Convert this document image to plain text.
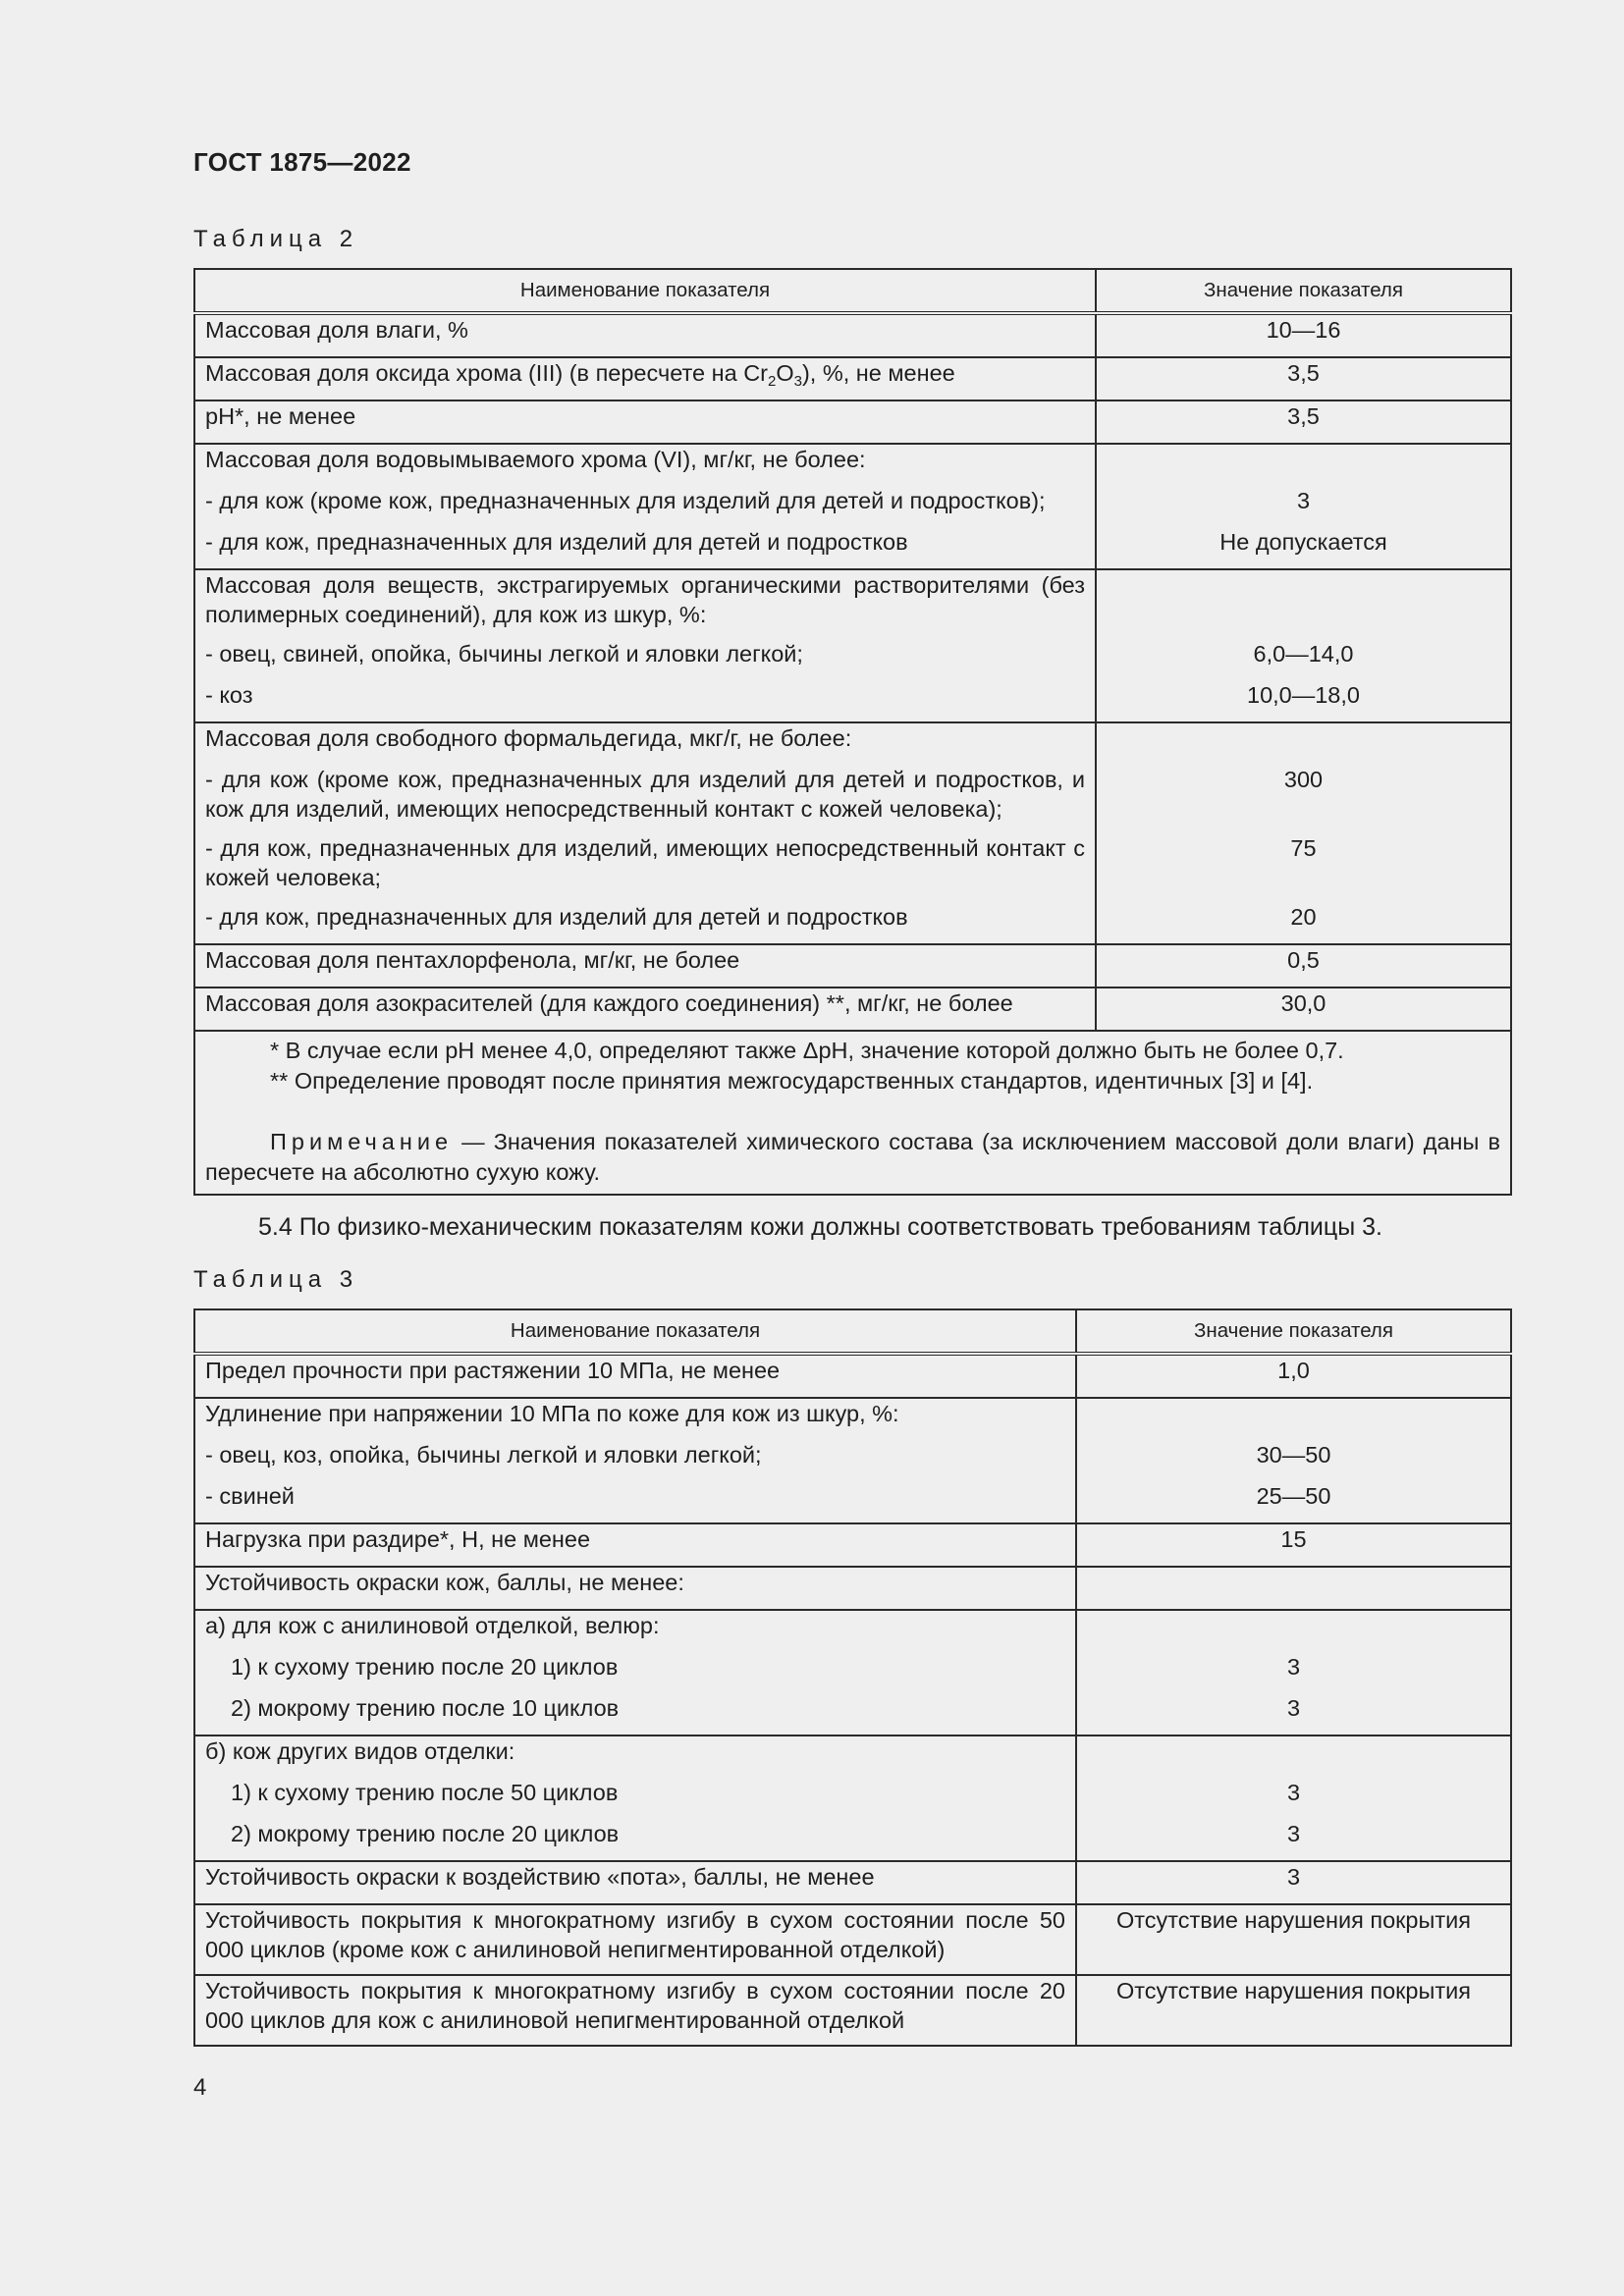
ГОСТ 1875—2022
Таблица 2
Наименование показателя	Значение показателя
Массовая доля влаги, %	10—16
Массовая доля оксида хрома (III) (в пересчете на $Cr_2O_3$), %, не менее	3,5
pH*, не менее	3,5
Массовая доля водовымываемого хрома (VI), мг/кг, не более:	
- для кож (кроме кож, предназначенных для изделий для детей и подростков);	3
- для кож, предназначенных для изделий для детей и подростков	Не допускается
Массовая доля веществ, экстрагируемых органическими растворителями (без полимерных соединений), для кож из шкур, %:	
- овец, свиней, опойка, бычины легкой и яловки легкой;	6,0—14,0
- коз	10,0—18,0
Массовая доля свободного формальдегида, мкг/г, не более:	
- для кож (кроме кож, предназначенных для изделий для детей и подростков, и кож для изделий, имеющих непосредственный контакт с кожей человека);	300
- для кож, предназначенных для изделий, имеющих непосредственный контакт с кожей человека;	75
- для кож, предназначенных для изделий для детей и подростков	20
Массовая доля пентахлорфенола, мг/кг, не более	0,5
Массовая доля азокрасителей (для каждого соединения) **, мг/кг, не более	30,0

* В случае если pH менее 4,0, определяют также ΔpH, значение которой должно быть не более 0,7.
** Определение проводят после принятия межгосударственных стандартов, идентичных [3] и [4].
Примечание — Значения показателей химического состава (за исключением массовой доли влаги) даны в пересчете на абсолютно сухую кожу.	
5.4 По физико-механическим показателям кожи должны соответствовать требованиям таблицы 3.
Таблица 3
Наименование показателя	Значение показателя
Предел прочности при растяжении 10 МПа, не менее	1,0
Удлинение при напряжении 10 МПа по коже для кож из шкур, %:	
- овец, коз, опойка, бычины легкой и яловки легкой;	30—50
- свиней	25—50
Нагрузка при раздире*, Н, не менее	15
Устойчивость окраски кож, баллы, не менее:	
а) для кож с анилиновой отделкой, велюр:	
1) к сухому трению после 20 циклов	3
2) мокрому трению после 10 циклов	3
б) кож других видов отделки:	
1) к сухому трению после 50 циклов	3
2) мокрому трению после 20 циклов	3
Устойчивость окраски к воздействию «пота», баллы, не менее	3
Устойчивость покрытия к многократному изгибу в сухом состоянии после 50 000 циклов (кроме кож с анилиновой непигментированной отделкой)	Отсутствие нарушения покрытия
Устойчивость покрытия к многократному изгибу в сухом состоянии после 20 000 циклов для кож с анилиновой непигментированной отделкой	Отсутствие нарушения покрытия
4
